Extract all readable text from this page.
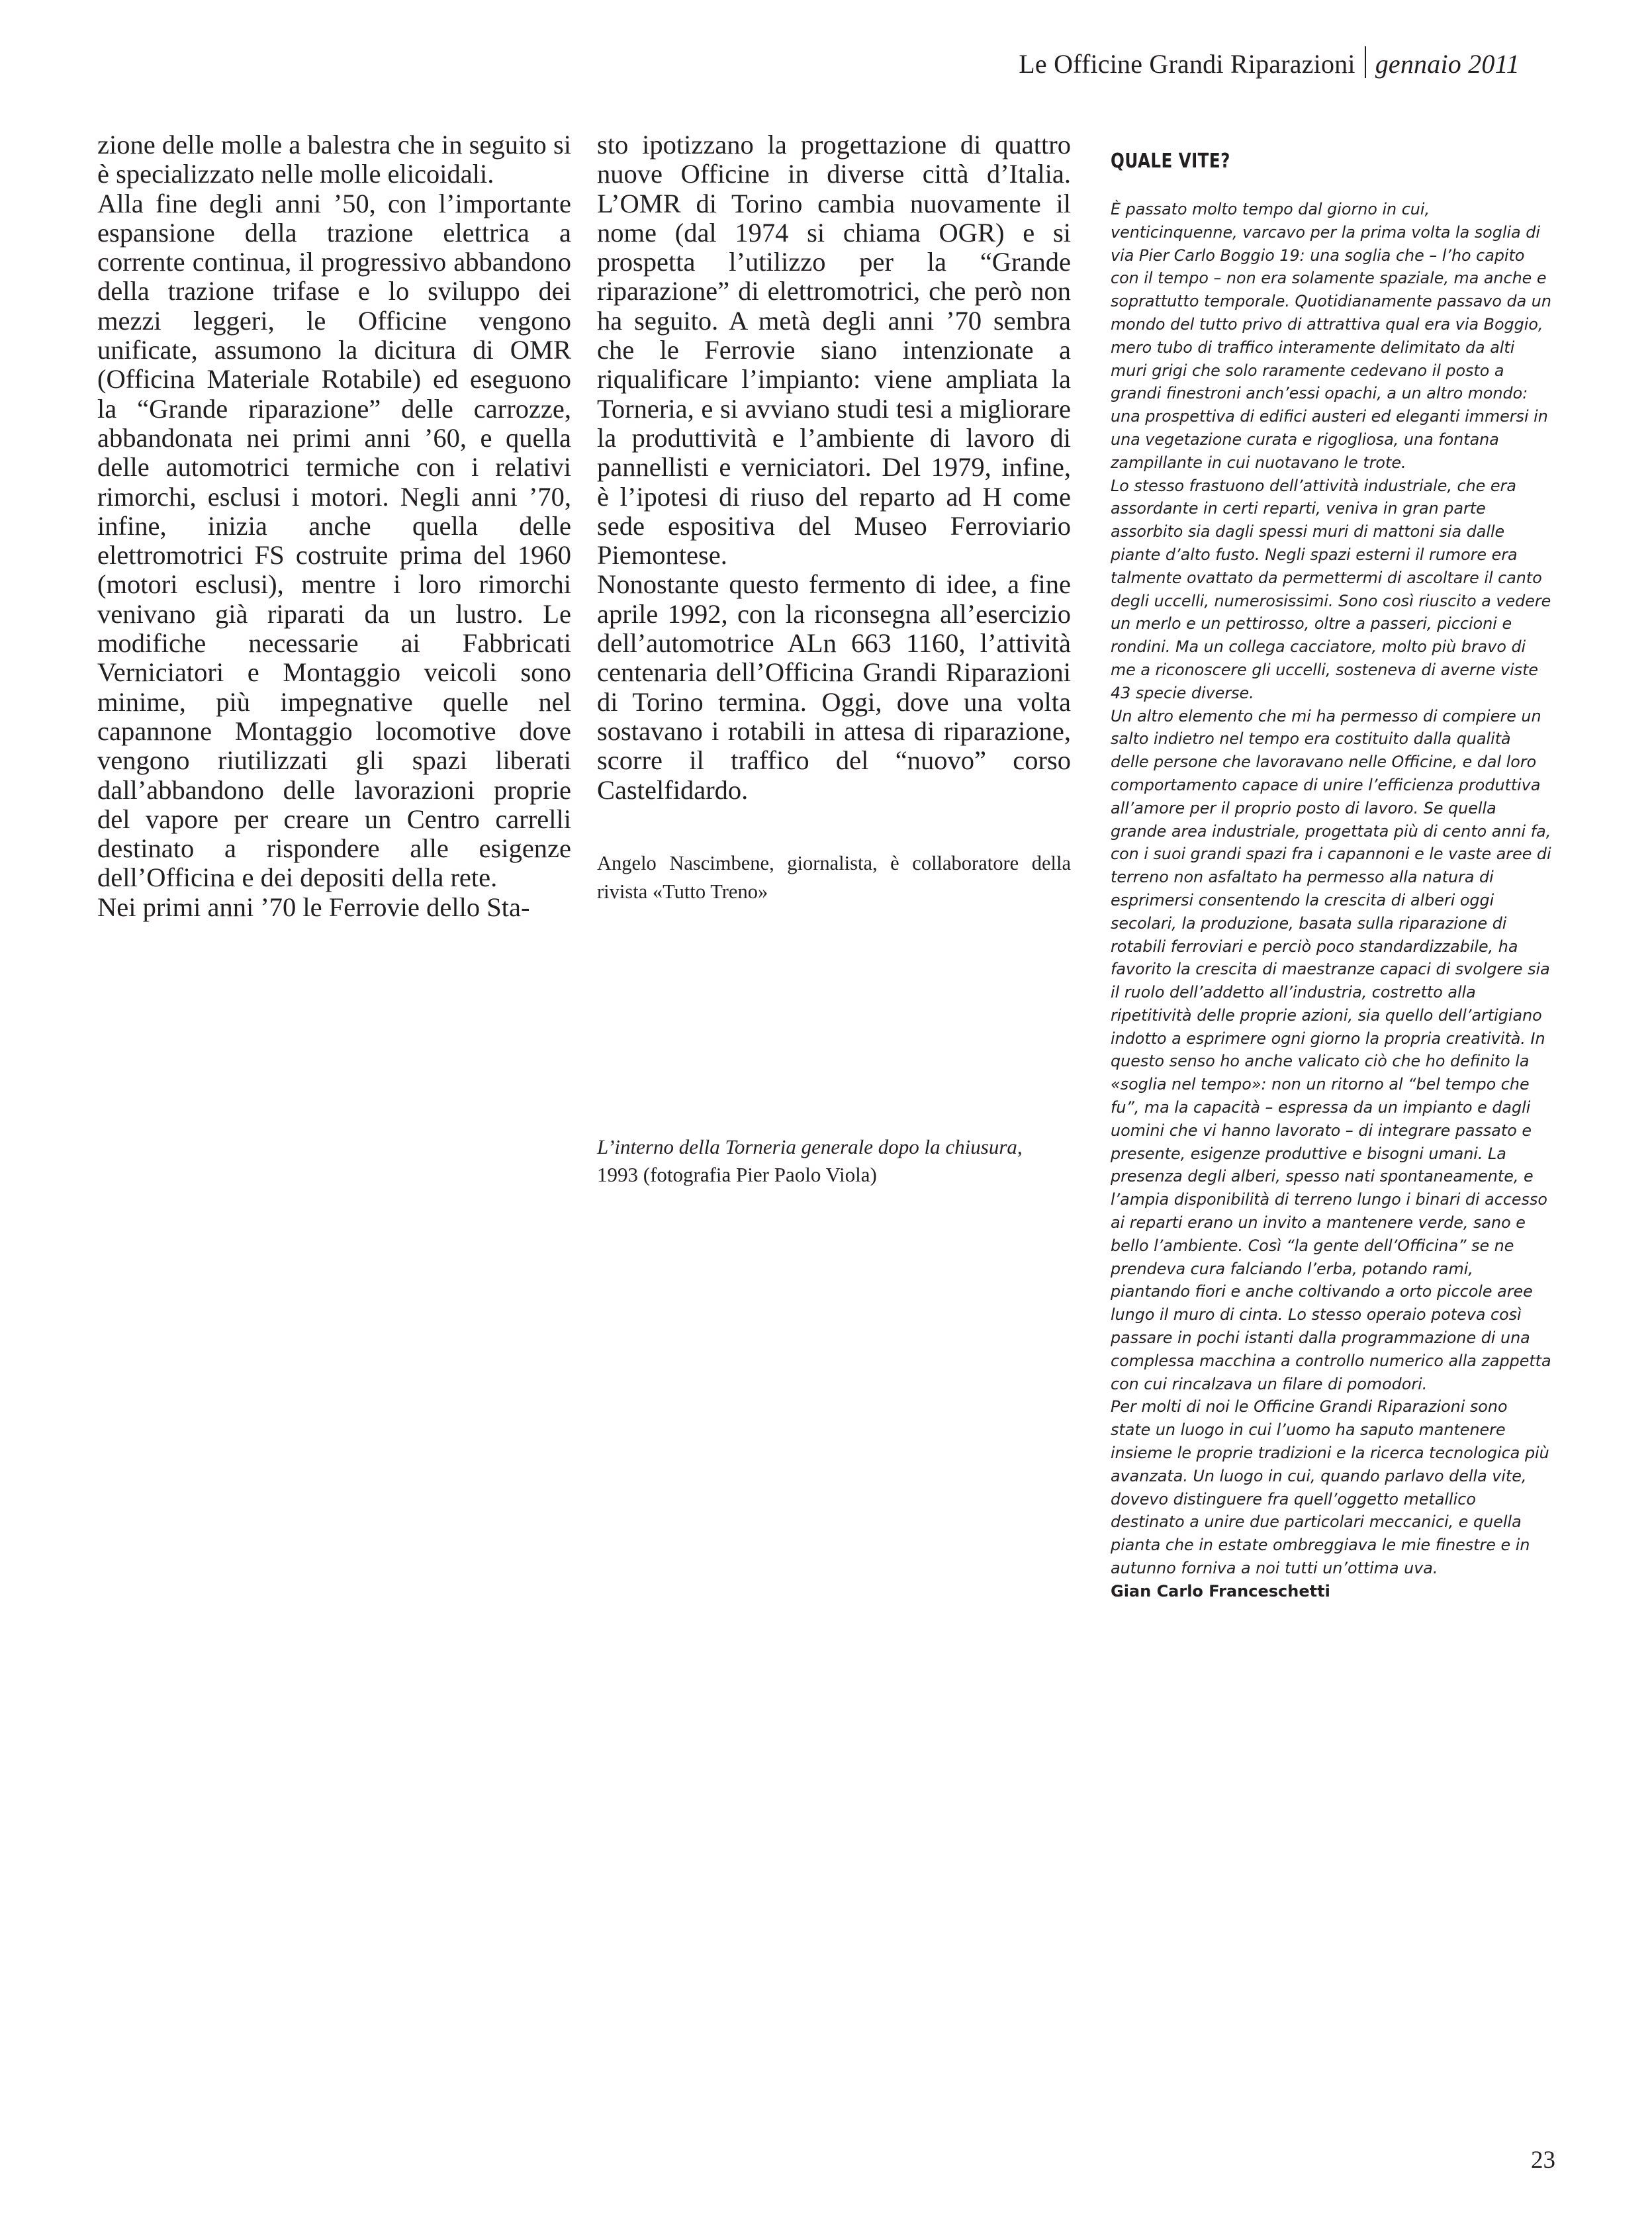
Le Officine Grandi Riparazioni gennaio 2011

zione delle molle a balestra che in seguito si è specializzato nelle molle elicoidali.

Alla fine degli anni ’50, con l’importante espansione della trazione elettrica a corrente continua, il progressivo abbandono della trazione trifase e lo sviluppo dei mezzi leggeri, le Officine vengono unificate, assumono la dicitura di OMR (Officina Materiale Rotabile) ed eseguono la “Grande riparazione” delle carrozze, abbandonata nei primi anni ’60, e quella delle automotrici termiche con i relativi rimorchi, esclusi i motori. Negli anni ’70, infine, inizia anche quella delle elettromotrici FS costruite prima del 1960 (motori esclusi), mentre i loro rimorchi venivano già riparati da un lustro. Le modifiche necessarie ai Fabbricati Verniciatori e Montaggio veicoli sono minime, più impegnative quelle nel capannone Montaggio locomotive dove vengono riutilizzati gli spazi liberati dall’abbandono delle lavorazioni proprie del vapore per creare un Centro carrelli destinato a rispondere alle esigenze dell’Officina e dei depositi della rete.

Nei primi anni ’70 le Ferrovie dello Sta-

sto ipotizzano la progettazione di quattro nuove Officine in diverse città d’Italia. L’OMR di Torino cambia nuovamente il nome (dal 1974 si chiama OGR) e si prospetta l’utilizzo per la “Grande riparazione” di elettromotrici, che però non ha seguito. A metà degli anni ’70 sembra che le Ferrovie siano intenzionate a riqualificare l’impianto: viene ampliata la Torneria, e si avviano studi tesi a migliorare la produttività e l’ambiente di lavoro di pannellisti e verniciatori. Del 1979, infine, è l’ipotesi di riuso del reparto ad H come sede espositiva del Museo Ferroviario Piemontese.

Nonostante questo fermento di idee, a fine aprile 1992, con la riconsegna all’esercizio dell’automotrice ALn 663 1160, l’attività centenaria dell’Officina Grandi Riparazioni di Torino termina. Oggi, dove una volta sostavano i rotabili in attesa di riparazione, scorre il traffico del “nuovo” corso Castelfidardo.

Angelo Nascimbene, giornalista, è collaboratore della rivista «Tutto Treno»
L’interno della Torneria generale dopo la chiusura,
1993 (fotografia Pier Paolo Viola)
QUALE VITE?

È passato molto tempo dal giorno in cui, venticinquenne, varcavo per la prima volta la soglia di via Pier Carlo Boggio 19: una soglia che – l’ho capito con il tempo – non era solamente spaziale, ma anche e soprattutto temporale. Quotidianamente passavo da un mondo del tutto privo di attrattiva qual era via Boggio, mero tubo di traffico interamente delimitato da alti muri grigi che solo raramente cedevano il posto a grandi finestroni anch’essi opachi, a un altro mondo: una prospettiva di edifici austeri ed eleganti immersi in una vegetazione curata e rigogliosa, una fontana zampillante in cui nuotavano le trote.

Lo stesso frastuono dell’attività industriale, che era assordante in certi reparti, veniva in gran parte assorbito sia dagli spessi muri di mattoni sia dalle piante d’alto fusto. Negli spazi esterni il rumore era talmente ovattato da permettermi di ascoltare il canto degli uccelli, numerosissimi. Sono così riuscito a vedere un merlo e un pettirosso, oltre a passeri, piccioni e rondini. Ma un collega cacciatore, molto più bravo di me a riconoscere gli uccelli, sosteneva di averne viste 43 specie diverse.

Un altro elemento che mi ha permesso di compiere un salto indietro nel tempo era costituito dalla qualità delle persone che lavoravano nelle Officine, e dal loro comportamento capace di unire l’efficienza produttiva all’amore per il proprio posto di lavoro. Se quella grande area industriale, progettata più di cento anni fa, con i suoi grandi spazi fra i capannoni e le vaste aree di terreno non asfaltato ha permesso alla natura di esprimersi consentendo la crescita di alberi oggi secolari, la produzione, basata sulla riparazione di rotabili ferroviari e perciò poco standardizzabile, ha favorito la crescita di maestranze capaci di svolgere sia il ruolo dell’addetto all’industria, costretto alla ripetitività delle proprie azioni, sia quello dell’artigiano indotto a esprimere ogni giorno la propria creatività. In questo senso ho anche valicato ciò che ho definito la «soglia nel tempo»: non un ritorno al “bel tempo che fu”, ma la capacità – espressa da un impianto e dagli uomini che vi hanno lavorato – di integrare passato e presente, esigenze produttive e bisogni umani. La presenza degli alberi, spesso nati spontaneamente, e l’ampia disponibilità di terreno lungo i binari di accesso ai reparti erano un invito a mantenere verde, sano e bello l’ambiente. Così “la gente dell’Officina” se ne prendeva cura falciando l’erba, potando rami, piantando fiori e anche coltivando a orto piccole aree lungo il muro di cinta. Lo stesso operaio poteva così passare in pochi istanti dalla programmazione di una complessa macchina a controllo numerico alla zappetta con cui rincalzava un filare di pomodori.

Per molti di noi le Officine Grandi Riparazioni sono state un luogo in cui l’uomo ha saputo mantenere insieme le proprie tradizioni e la ricerca tecnologica più avanzata. Un luogo in cui, quando parlavo della vite, dovevo distinguere fra quell’oggetto metallico destinato a unire due particolari meccanici, e quella pianta che in estate ombreggiava le mie finestre e in autunno forniva a noi tutti un’ottima uva.

Gian Carlo Franceschetti

23
